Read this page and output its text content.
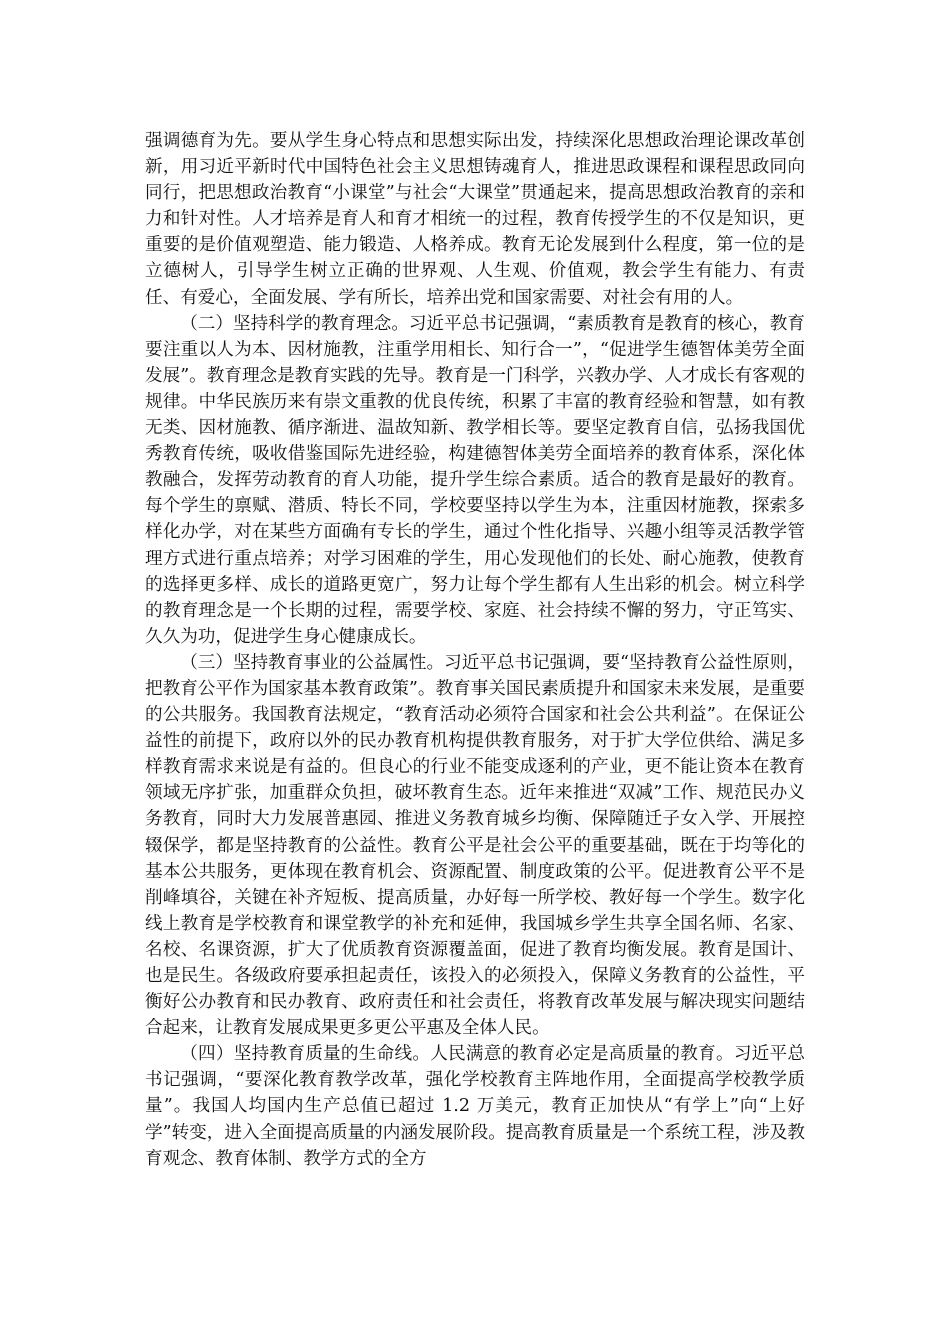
强调德育为先。要从学生身心特点和思想实际出发，持续深化思想政治理论课改革创新，用习近平新时代中国特色社会主义思想铸魂育人，推进思政课程和课程思政同向同行，把思想政治教育“小课堂”与社会“大课堂”贯通起来，提高思想政治教育的亲和力和针对性。人才培养是育人和育才相统一的过程，教育传授学生的不仅是知识，更重要的是价值观塑造、能力锻造、人格养成。教育无论发展到什么程度，第一位的是立德树人，引导学生树立正确的世界观、人生观、价值观，教会学生有能力、有责任、有爱心，全面发展、学有所长，培养出党和国家需要、对社会有用的人。

（二）坚持科学的教育理念。习近平总书记强调，“素质教育是教育的核心，教育要注重以人为本、因材施教，注重学用相长、知行合一”，“促进学生德智体美劳全面发展”。教育理念是教育实践的先导。教育是一门科学，兴教办学、人才成长有客观的规律。中华民族历来有崇文重教的优良传统，积累了丰富的教育经验和智慧，如有教无类、因材施教、循序渐进、温故知新、教学相长等。要坚定教育自信，弘扬我国优秀教育传统，吸收借鉴国际先进经验，构建德智体美劳全面培养的教育体系，深化体教融合，发挥劳动教育的育人功能，提升学生综合素质。适合的教育是最好的教育。每个学生的禀赋、潜质、特长不同，学校要坚持以学生为本，注重因材施教，探索多样化办学，对在某些方面确有专长的学生，通过个性化指导、兴趣小组等灵活教学管理方式进行重点培养；对学习困难的学生，用心发现他们的长处、耐心施教，使教育的选择更多样、成长的道路更宽广，努力让每个学生都有人生出彩的机会。树立科学的教育理念是一个长期的过程，需要学校、家庭、社会持续不懈的努力，守正笃实、久久为功，促进学生身心健康成长。

（三）坚持教育事业的公益属性。习近平总书记强调，要“坚持教育公益性原则，把教育公平作为国家基本教育政策”。教育事关国民素质提升和国家未来发展，是重要的公共服务。我国教育法规定，“教育活动必须符合国家和社会公共利益”。在保证公益性的前提下，政府以外的民办教育机构提供教育服务，对于扩大学位供给、满足多样教育需求来说是有益的。但良心的行业不能变成逐利的产业，更不能让资本在教育领域无序扩张，加重群众负担，破坏教育生态。近年来推进“双减”工作、规范民办义务教育，同时大力发展普惠园、推进义务教育城乡均衡、保障随迁子女入学、开展控辍保学，都是坚持教育的公益性。教育公平是社会公平的重要基础，既在于均等化的基本公共服务，更体现在教育机会、资源配置、制度政策的公平。促进教育公平不是削峰填谷，关键在补齐短板、提高质量，办好每一所学校、教好每一个学生。数字化线上教育是学校教育和课堂教学的补充和延伸，我国城乡学生共享全国名师、名家、名校、名课资源，扩大了优质教育资源覆盖面，促进了教育均衡发展。教育是国计、也是民生。各级政府要承担起责任，该投入的必须投入，保障义务教育的公益性，平衡好公办教育和民办教育、政府责任和社会责任，将教育改革发展与解决现实问题结合起来，让教育发展成果更多更公平惠及全体人民。

（四）坚持教育质量的生命线。人民满意的教育必定是高质量的教育。习近平总书记强调，“要深化教育教学改革，强化学校教育主阵地作用，全面提高学校教学质量”。我国人均国内生产总值已超过 1.2 万美元，教育正加快从“有学上”向“上好学”转变，进入全面提高质量的内涵发展阶段。提高教育质量是一个系统工程，涉及教育观念、教育体制、教学方式的全方
